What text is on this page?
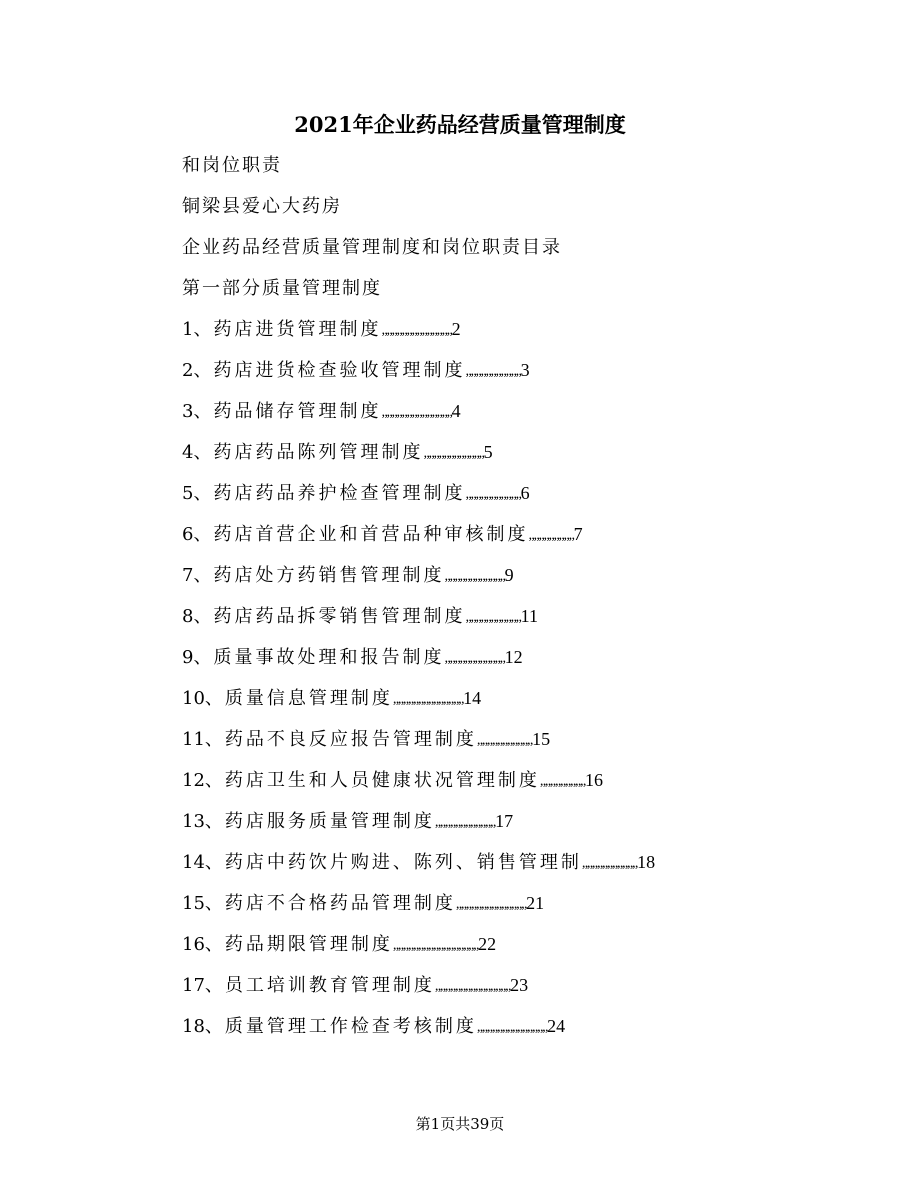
2021年企业药品经营质量管理制度

和岗位职责

铜梁县爱心大药房

企业药品经营质量管理制度和岗位职责目录

第一部分质量管理制度

1、药店进货管理制度„„„„„„„„„„„„„„2
2、药店进货检查验收管理制度„„„„„„„„„„„3
3、药品储存管理制度„„„„„„„„„„„„„„4
4、药店药品陈列管理制度„„„„„„„„„„„„5
5、药店药品养护检查管理制度„„„„„„„„„„„6
6、药店首营企业和首营品种审核制度„„„„„„„„„7
7、药店处方药销售管理制度„„„„„„„„„„„„9
8、药店药品拆零销售管理制度„„„„„„„„„„„11
9、质量事故处理和报告制度„„„„„„„„„„„„12
10、质量信息管理制度„„„„„„„„„„„„„„14
11、药品不良反应报告管理制度„„„„„„„„„„„15
12、药店卫生和人员健康状况管理制度„„„„„„„„„16
13、药店服务质量管理制度„„„„„„„„„„„„17
14、药店中药饮片购进、陈列、销售管理制„„„„„„„„„„„18
15、药店不合格药品管理制度„„„„„„„„„„„„„„21
16、药品期限管理制度„„„„„„„„„„„„„„„„„22
17、员工培训教育管理制度„„„„„„„„„„„„„„„23
18、质量管理工作检查考核制度„„„„„„„„„„„„„„24

第1页共39页
